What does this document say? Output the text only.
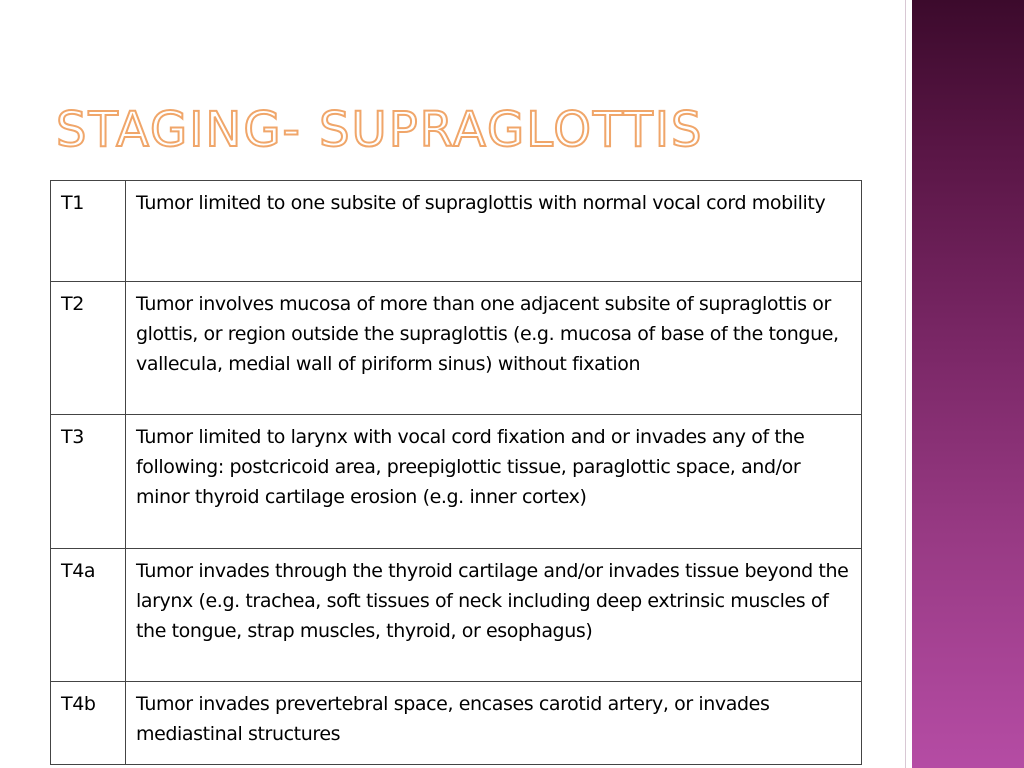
STAGING- SUPRAGLOTTIS
T1	Tumor limited to one subsite of supraglottis with normal vocal cord mobility
T2	Tumor involves mucosa of more than one adjacent subsite of supraglottis or glottis, or region outside the supraglottis (e.g. mucosa of base of the tongue, vallecula, medial wall of piriform sinus) without fixation
T3	Tumor limited to larynx with vocal cord fixation and or invades any of the following: postcricoid area, preepiglottic tissue, paraglottic space, and/or minor thyroid cartilage erosion (e.g. inner cortex)
T4a	Tumor invades through the thyroid cartilage and/or invades tissue beyond the larynx (e.g. trachea, soft tissues of neck including deep extrinsic muscles of the tongue, strap muscles, thyroid, or esophagus)
T4b	Tumor invades prevertebral space, encases carotid artery, or invades mediastinal structures
